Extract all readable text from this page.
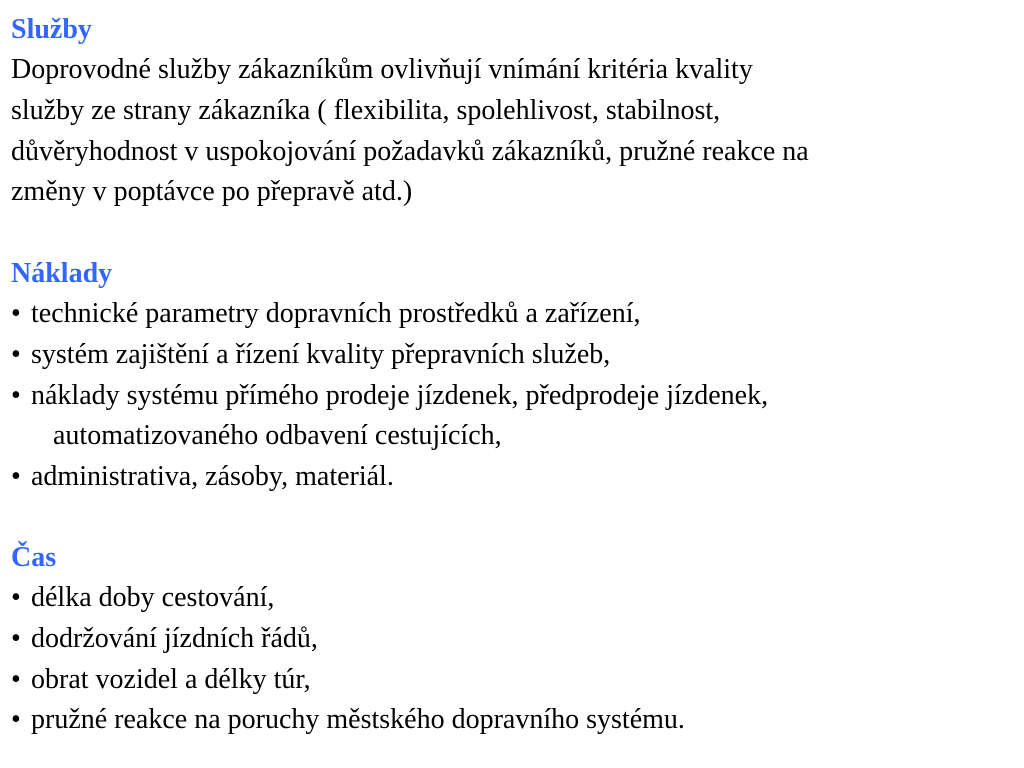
Služby
Doprovodné služby zákazníkům ovlivňují vnímání kritéria kvality
služby ze strany zákazníka ( flexibilita, spolehlivost, stabilnost,
důvěryhodnost v uspokojování požadavků zákazníků, pružné reakce na
změny v poptávce po přepravě atd.)
Náklady
• technické parametry dopravních prostředků a zařízení,
• systém zajištění a řízení kvality přepravních služeb,
• náklady systému přímého prodeje jízdenek, předprodeje jízdenek,
automatizovaného odbavení cestujících,
• administrativa, zásoby, materiál.
Čas
• délka doby cestování,
• dodržování jízdních řádů,
• obrat vozidel a délky túr,
• pružné reakce na poruchy městského dopravního systému.
